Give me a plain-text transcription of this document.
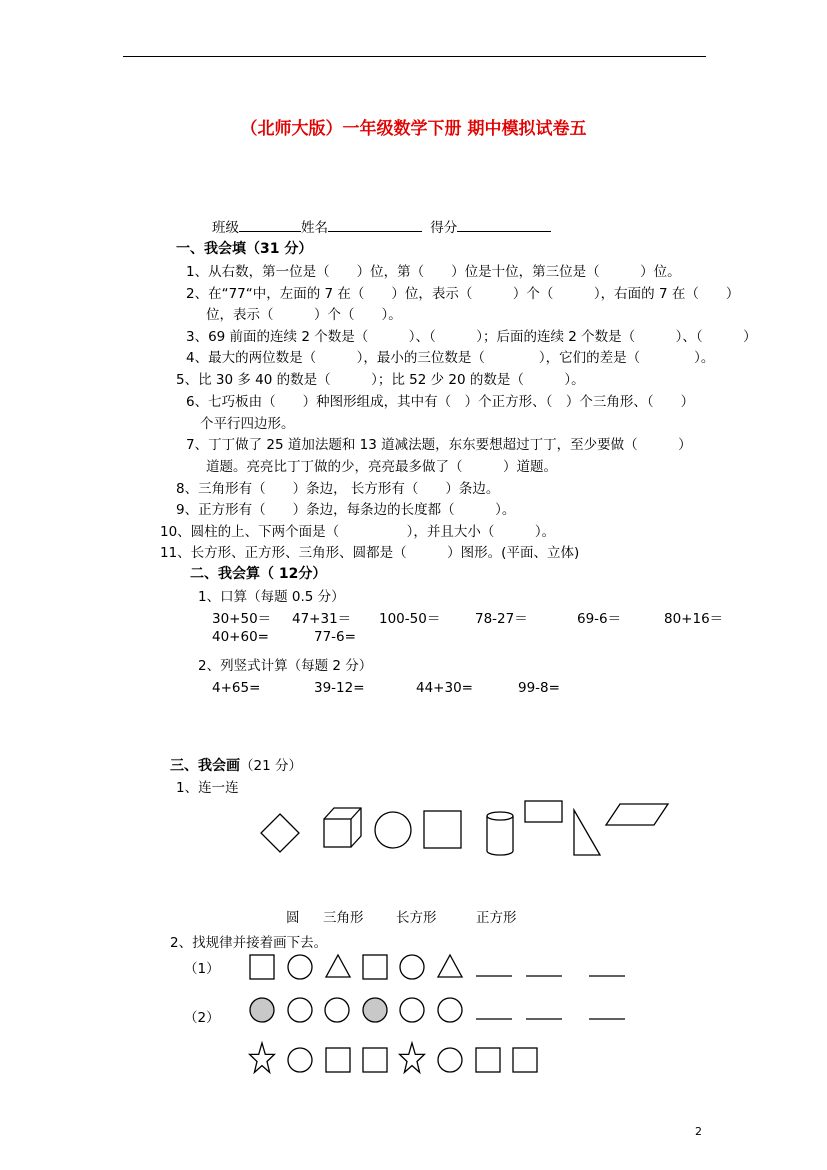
（北师大版）一年级数学下册 期中模拟试卷五
班级	姓名	得分
一、我会填（31 分）
1、从右数，第一位是（　　）位，第（　　）位是十位，第三位是（　　　）位。
2、在“77“中，左面的 7 在（　　）位，表示（　　　）个（　　　），右面的 7 在（　　）
位，表示（　　　）个（　　）。
3、69 前面的连续 2 个数是（　　　）、（　　　）；后面的连续 2 个数是（　　　）、（　　　）
4、最大的两位数是（　　　），最小的三位数是（　　　　），它们的差是（　　　　）。
5、比 30 多 40 的数是（　　　）；比 52 少 20 的数是（　　　）。
6、七巧板由（　　）种图形组成，其中有（　）个正方形、（　）个三角形、（　　）
个平行四边形。
7、丁丁做了 25 道加法题和 13 道减法题，东东要想超过丁丁，至少要做（　　　）
道题。亮亮比丁丁做的少，亮亮最多做了（　　　）道题。
8、三角形有（　　）条边， 长方形有（　　）条边。
9、正方形有（　　）条边，每条边的长度都（　　　）。
10、圆柱的上、下两个面是（　　　　　），并且大小（　　　）。
11、长方形、正方形、三角形、圆都是（　　　）图形。(平面、立体)
二、我会算（ 12分）
1、口算（每题 0.5 分）
30+50＝ 47+31＝ 100-50＝	78-27＝	69-6＝	80+16＝
40+60=	77-6=
2、列竖式计算（每题 2 分）
4+65=	39-12=	44+30=	99-8=
三、我会画（21 分）
1、连一连
圆 三角形 长方形	正方形
2、找规律并接着画下去。
（1）
（2）
2
